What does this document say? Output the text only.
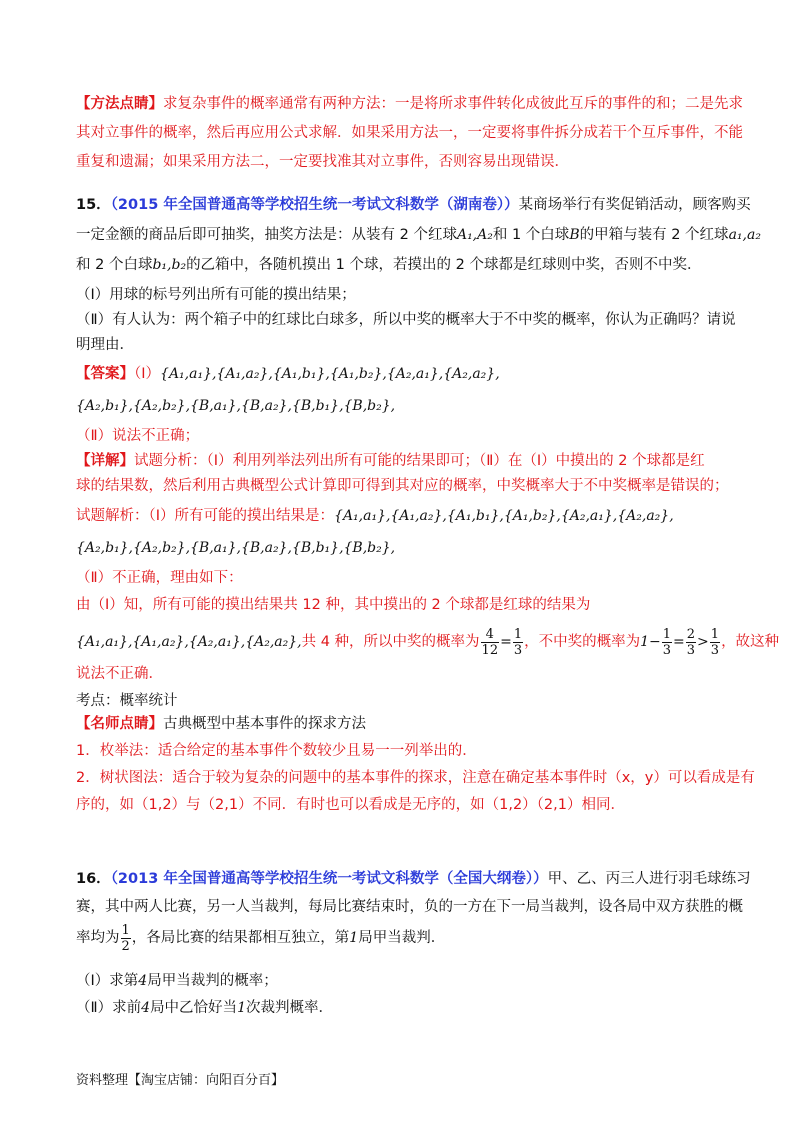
【方法点睛】求复杂事件的概率通常有两种方法：一是将所求事件转化成彼此互斥的事件的和；二是先求
其对立事件的概率，然后再应用公式求解．如果采用方法一，一定要将事件拆分成若干个互斥事件，不能
重复和遗漏；如果采用方法二，一定要找准其对立事件，否则容易出现错误．
15．（2015 年全国普通高等学校招生统一考试文科数学（湖南卷））某商场举行有奖促销活动，顾客购买
一定金额的商品后即可抽奖，抽奖方法是：从装有 2 个红球A₁,A₂和 1 个白球B的甲箱与装有 2 个红球a₁,a₂
和 2 个白球b₁,b₂的乙箱中，各随机摸出 1 个球，若摸出的 2 个球都是红球则中奖，否则不中奖．
（Ⅰ）用球的标号列出所有可能的摸出结果；
（Ⅱ）有人认为：两个箱子中的红球比白球多，所以中奖的概率大于不中奖的概率，你认为正确吗？请说
明理由．
【答案】（Ⅰ）{A₁,a₁},{A₁,a₂},{A₁,b₁},{A₁,b₂},{A₂,a₁},{A₂,a₂},
{A₂,b₁},{A₂,b₂},{B,a₁},{B,a₂},{B,b₁},{B,b₂},
（Ⅱ）说法不正确；
【详解】试题分析：（Ⅰ）利用列举法列出所有可能的结果即可；（Ⅱ）在（Ⅰ）中摸出的 2 个球都是红
球的结果数，然后利用古典概型公式计算即可得到其对应的概率，中奖概率大于不中奖概率是错误的；
试题解析：（Ⅰ）所有可能的摸出结果是：{A₁,a₁},{A₁,a₂},{A₁,b₁},{A₁,b₂},{A₂,a₁},{A₂,a₂},
{A₂,b₁},{A₂,b₂},{B,a₁},{B,a₂},{B,b₁},{B,b₂},
（Ⅱ）不正确，理由如下：
由（Ⅰ）知，所有可能的摸出结果共 12 种，其中摸出的 2 个球都是红球的结果为
{A₁,a₁},{A₁,a₂},{A₂,a₁},{A₂,a₂},共 4 种，所以中奖的概率为 $\frac{4}{12} = \frac{1}{3}$ ，不中奖的概率为$1- \frac{1}{3} = \frac{2}{3} > \frac{1}{3}$ ，故这种
说法不正确．
考点：概率统计
【名师点睛】古典概型中基本事件的探求方法
1．枚举法：适合给定的基本事件个数较少且易一一列举出的．
2．树状图法：适合于较为复杂的问题中的基本事件的探求，注意在确定基本事件时（x，y）可以看成是有
序的，如（1,2）与（2,1）不同．有时也可以看成是无序的，如（1,2）（2,1）相同．
16．（2013 年全国普通高等学校招生统一考试文科数学（全国大纲卷））甲、乙、丙三人进行羽毛球练习
赛，其中两人比赛，另一人当裁判，每局比赛结束时，负的一方在下一局当裁判，设各局中双方获胜的概
率均为 $\frac{1}{2}$ ，各局比赛的结果都相互独立，第1局甲当裁判．
（Ⅰ）求第4局甲当裁判的概率；
（Ⅱ）求前4局中乙恰好当1次裁判概率．
资料整理【淘宝店铺：向阳百分百】
